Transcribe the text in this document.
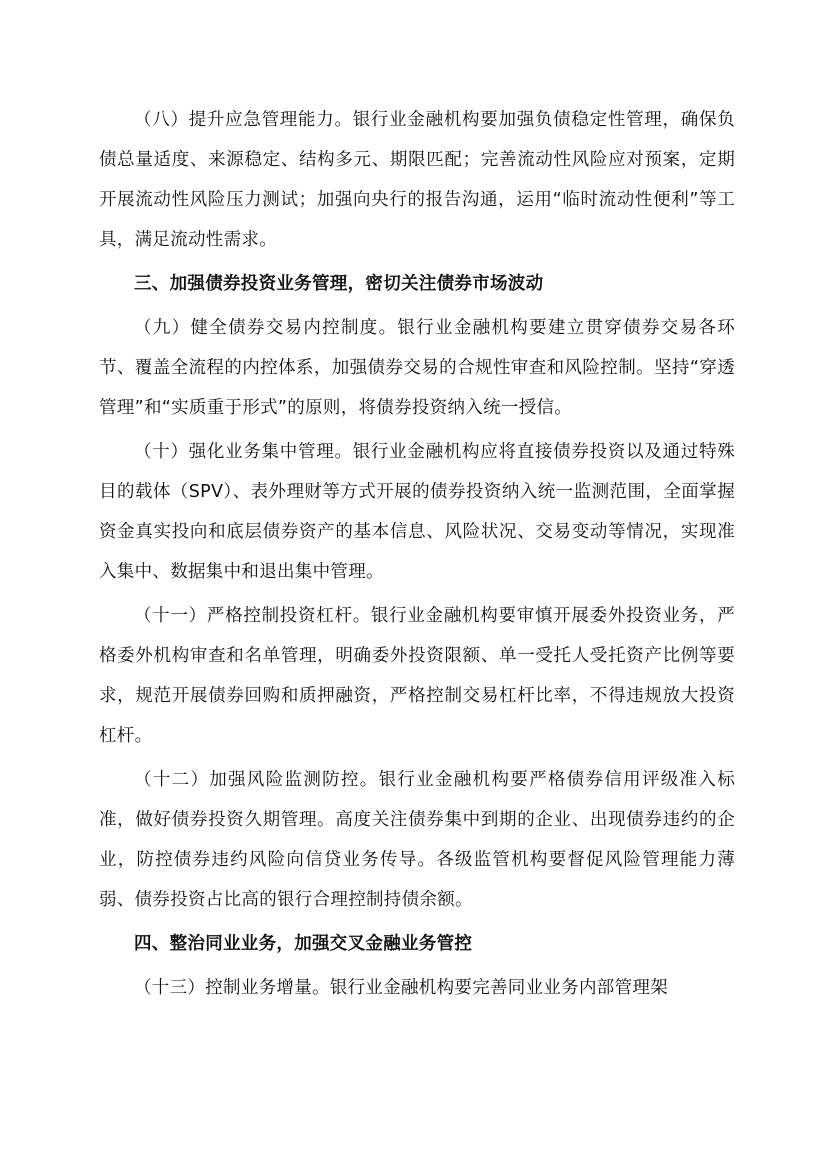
（八）提升应急管理能力。银行业金融机构要加强负债稳定性管理，确保负债总量适度、来源稳定、结构多元、期限匹配；完善流动性风险应对预案，定期开展流动性风险压力测试；加强向央行的报告沟通，运用“临时流动性便利”等工具，满足流动性需求。

三、加强债券投资业务管理，密切关注债券市场波动

（九）健全债券交易内控制度。银行业金融机构要建立贯穿债券交易各环节、覆盖全流程的内控体系，加强债券交易的合规性审查和风险控制。坚持“穿透管理”和“实质重于形式”的原则，将债券投资纳入统一授信。

（十）强化业务集中管理。银行业金融机构应将直接债券投资以及通过特殊目的载体（SPV）、表外理财等方式开展的债券投资纳入统一监测范围，全面掌握资金真实投向和底层债券资产的基本信息、风险状况、交易变动等情况，实现准入集中、数据集中和退出集中管理。

（十一）严格控制投资杠杆。银行业金融机构要审慎开展委外投资业务，严格委外机构审查和名单管理，明确委外投资限额、单一受托人受托资产比例等要求，规范开展债券回购和质押融资，严格控制交易杠杆比率，不得违规放大投资杠杆。

（十二）加强风险监测防控。银行业金融机构要严格债券信用评级准入标准，做好债券投资久期管理。高度关注债券集中到期的企业、出现债券违约的企业，防控债券违约风险向信贷业务传导。各级监管机构要督促风险管理能力薄弱、债券投资占比高的银行合理控制持债余额。

四、整治同业业务，加强交叉金融业务管控

（十三）控制业务增量。银行业金融机构要完善同业业务内部管理架
